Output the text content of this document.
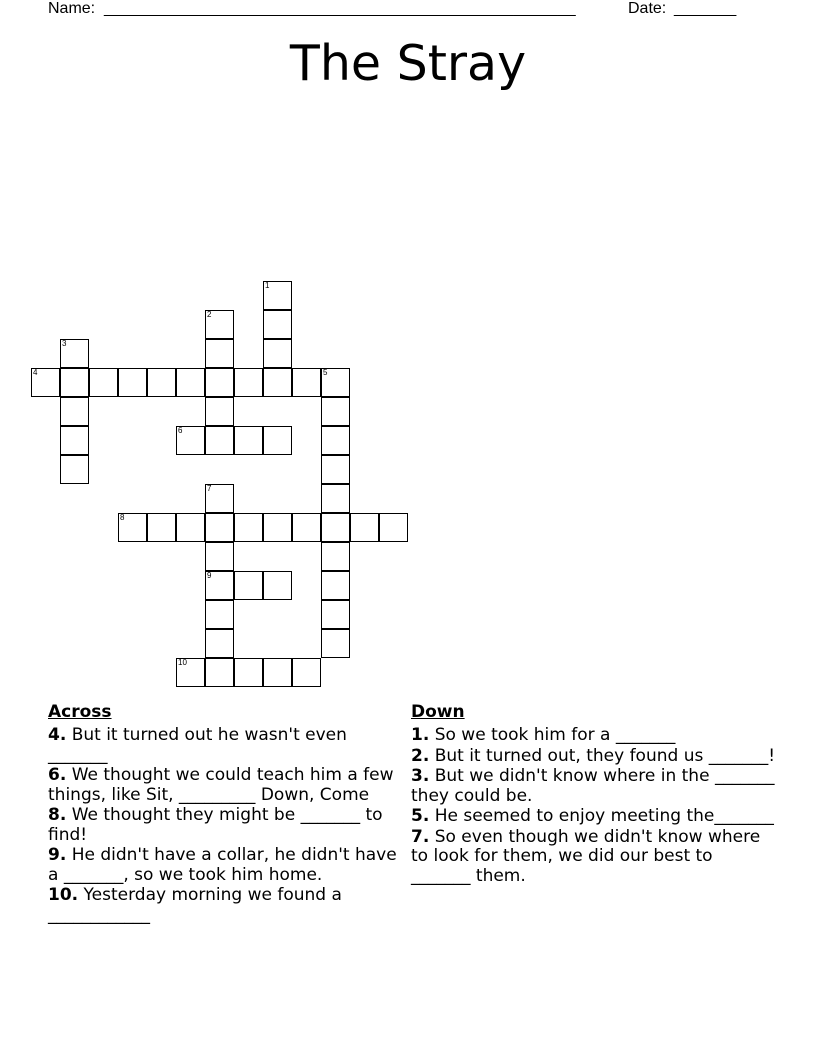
Name: _____________________________________________________	Date: _______
The Stray
1
2
3
4	5
6
7
9
8
10
Across
4. But it turned out he wasn't even _______
6. We thought we could teach him a few things, like Sit, _________ Down, Come
8. We thought they might be _______ to find!
9. He didn't have a collar, he didn't have a _______, so we took him home.
10. Yesterday morning we found a ____________
Down
1. So we took him for a _______
2. But it turned out, they found us _______!
3. But we didn't know where in the _______ they could be.
5. He seemed to enjoy meeting the_______
7. So even though we didn't know where to look for them, we did our best to _______ them.
